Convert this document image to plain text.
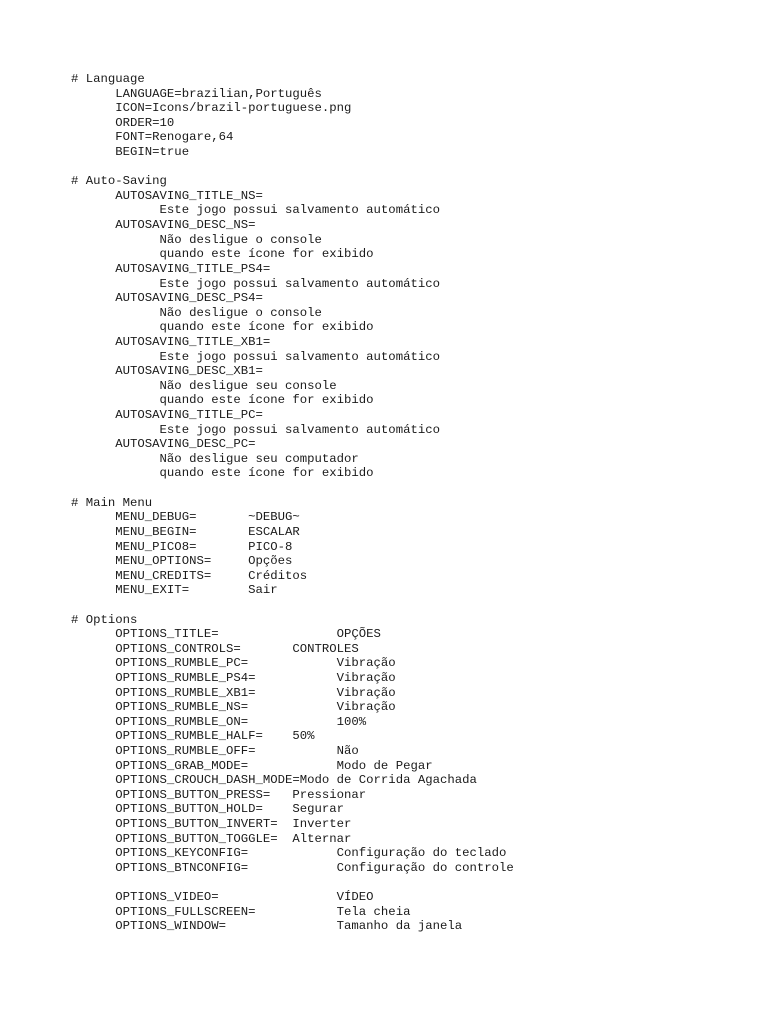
# Language
LANGUAGE=brazilian,Português
ICON=Icons/brazil-portuguese.png
ORDER=10
FONT=Renogare,64
BEGIN=true
# Auto-Saving
AUTOSAVING_TITLE_NS=
Este jogo possui salvamento automático
AUTOSAVING_DESC_NS=
Não desligue o console
quando este ícone for exibido
AUTOSAVING_TITLE_PS4=
Este jogo possui salvamento automático
AUTOSAVING_DESC_PS4=
Não desligue o console
quando este ícone for exibido
AUTOSAVING_TITLE_XB1=
Este jogo possui salvamento automático
AUTOSAVING_DESC_XB1=
Não desligue seu console
quando este ícone for exibido
AUTOSAVING_TITLE_PC=
Este jogo possui salvamento automático
AUTOSAVING_DESC_PC=
Não desligue seu computador
quando este ícone for exibido
# Main Menu
MENU_DEBUG=       ~DEBUG~
MENU_BEGIN=       ESCALAR
MENU_PICO8=       PICO-8
MENU_OPTIONS=     Opções
MENU_CREDITS=     Créditos
MENU_EXIT=        Sair
# Options
OPTIONS_TITLE=                OPÇÕES
OPTIONS_CONTROLS=       CONTROLES
OPTIONS_RUMBLE_PC=            Vibração
OPTIONS_RUMBLE_PS4=           Vibração
OPTIONS_RUMBLE_XB1=           Vibração
OPTIONS_RUMBLE_NS=            Vibração
OPTIONS_RUMBLE_ON=            100%
OPTIONS_RUMBLE_HALF=    50%
OPTIONS_RUMBLE_OFF=           Não
OPTIONS_GRAB_MODE=            Modo de Pegar
OPTIONS_CROUCH_DASH_MODE=Modo de Corrida Agachada
OPTIONS_BUTTON_PRESS=   Pressionar
OPTIONS_BUTTON_HOLD=    Segurar
OPTIONS_BUTTON_INVERT=  Inverter
OPTIONS_BUTTON_TOGGLE=  Alternar
OPTIONS_KEYCONFIG=            Configuração do teclado
OPTIONS_BTNCONFIG=            Configuração do controle
OPTIONS_VIDEO=                VÍDEO
OPTIONS_FULLSCREEN=           Tela cheia
OPTIONS_WINDOW=               Tamanho da janela
